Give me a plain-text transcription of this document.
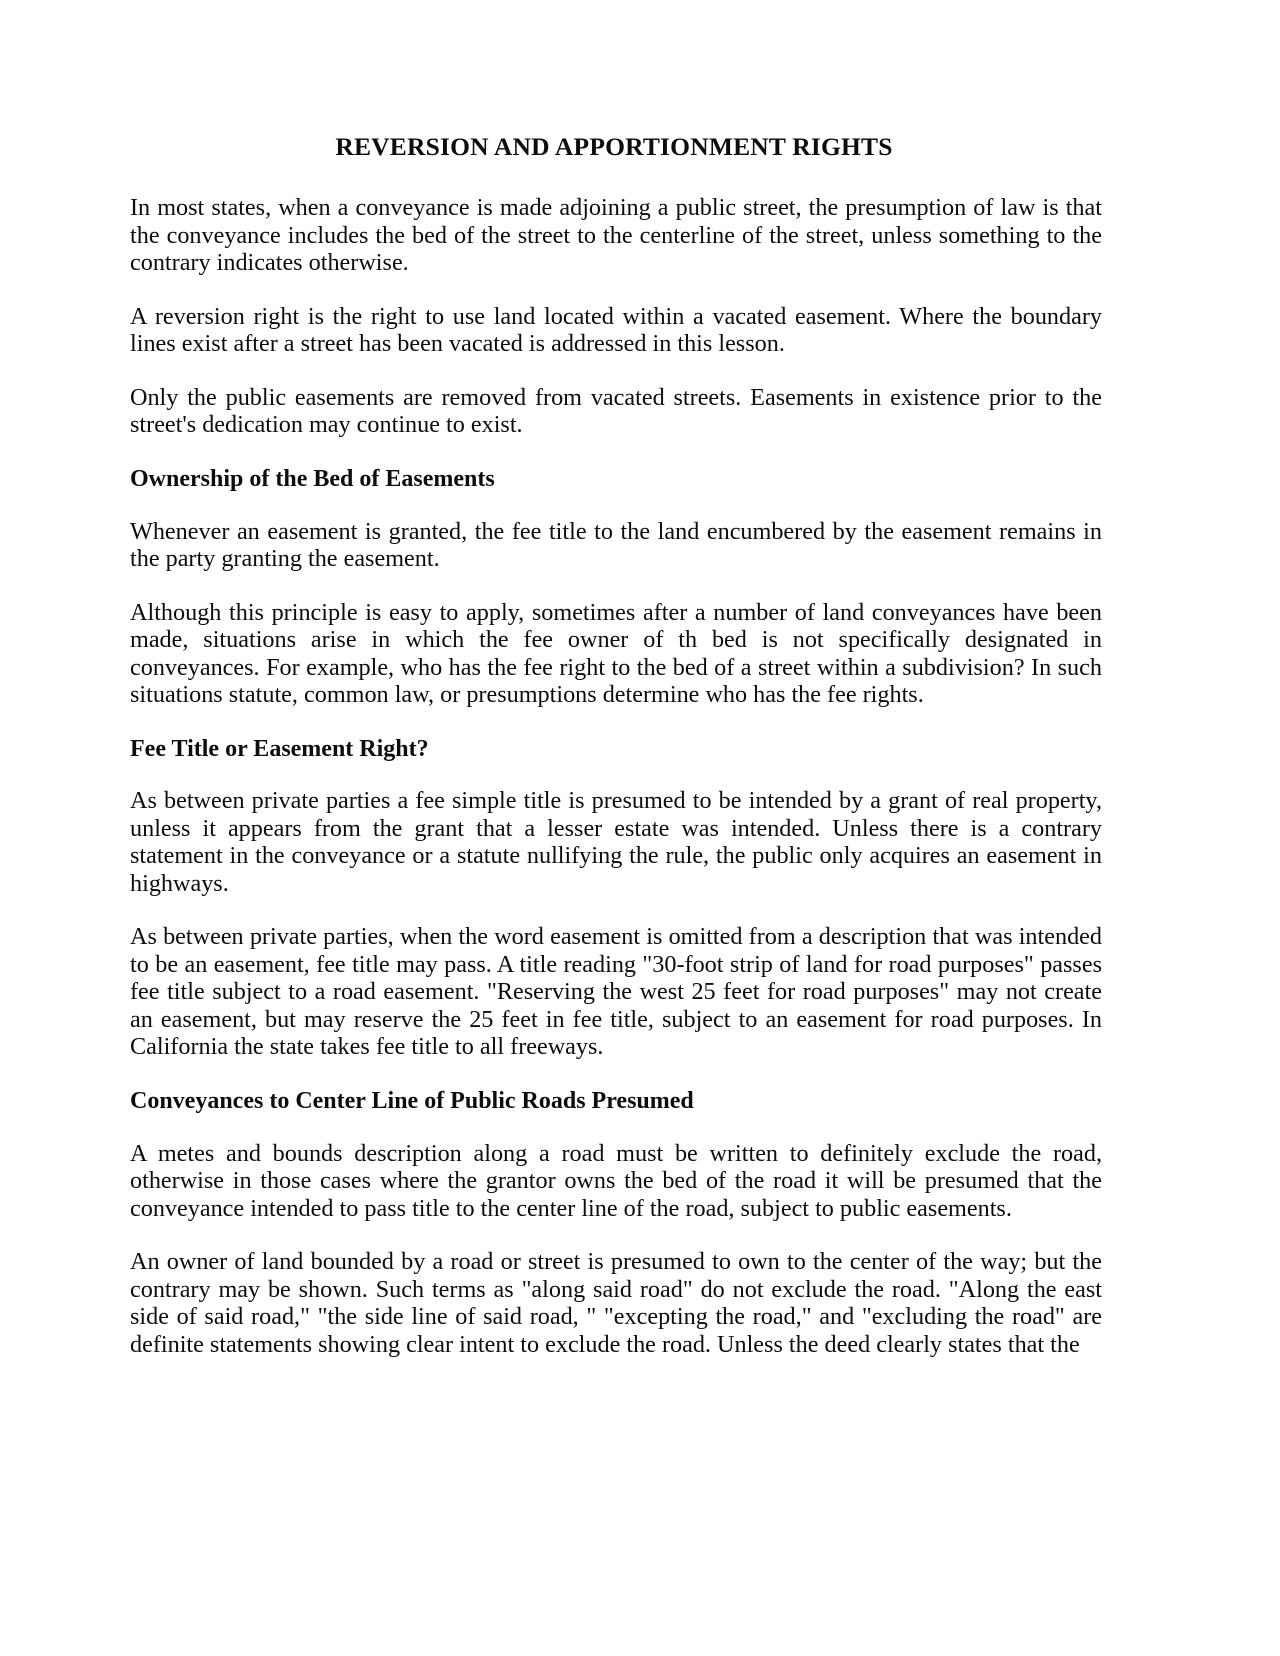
REVERSION AND APPORTIONMENT RIGHTS

In most states, when a conveyance is made adjoining a public street, the presumption of law is that the conveyance includes the bed of the street to the centerline of the street, unless something to the contrary indicates otherwise.

A reversion right is the right to use land located within a vacated easement. Where the boundary lines exist after a street has been vacated is addressed in this lesson.

Only the public easements are removed from vacated streets. Easements in existence prior to the street's dedication may continue to exist.

Ownership of the Bed of Easements

Whenever an easement is granted, the fee title to the land encumbered by the easement remains in the party granting the easement.

Although this principle is easy to apply, sometimes after a number of land conveyances have been made, situations arise in which the fee owner of th bed is not specifically designated in conveyances. For example, who has the fee right to the bed of a street within a subdivision? In such situations statute, common law, or presumptions determine who has the fee rights.

Fee Title or Easement Right?

As between private parties a fee simple title is presumed to be intended by a grant of real property, unless it appears from the grant that a lesser estate was intended. Unless there is a contrary statement in the conveyance or a statute nullifying the rule, the public only acquires an easement in highways.

As between private parties, when the word easement is omitted from a description that was intended to be an easement, fee title may pass. A title reading "30-foot strip of land for road purposes" passes fee title subject to a road easement. "Reserving the west 25 feet for road purposes" may not create an easement, but may reserve the 25 feet in fee title, subject to an easement for road purposes. In California the state takes fee title to all freeways.

Conveyances to Center Line of Public Roads Presumed

A metes and bounds description along a road must be written to definitely exclude the road, otherwise in those cases where the grantor owns the bed of the road it will be presumed that the conveyance intended to pass title to the center line of the road, subject to public easements.

An owner of land bounded by a road or street is presumed to own to the center of the way; but the contrary may be shown. Such terms as "along said road" do not exclude the road. "Along the east side of said road," "the side line of said road, " "excepting the road," and "excluding the road" are definite statements showing clear intent to exclude the road. Unless the deed clearly states that the
